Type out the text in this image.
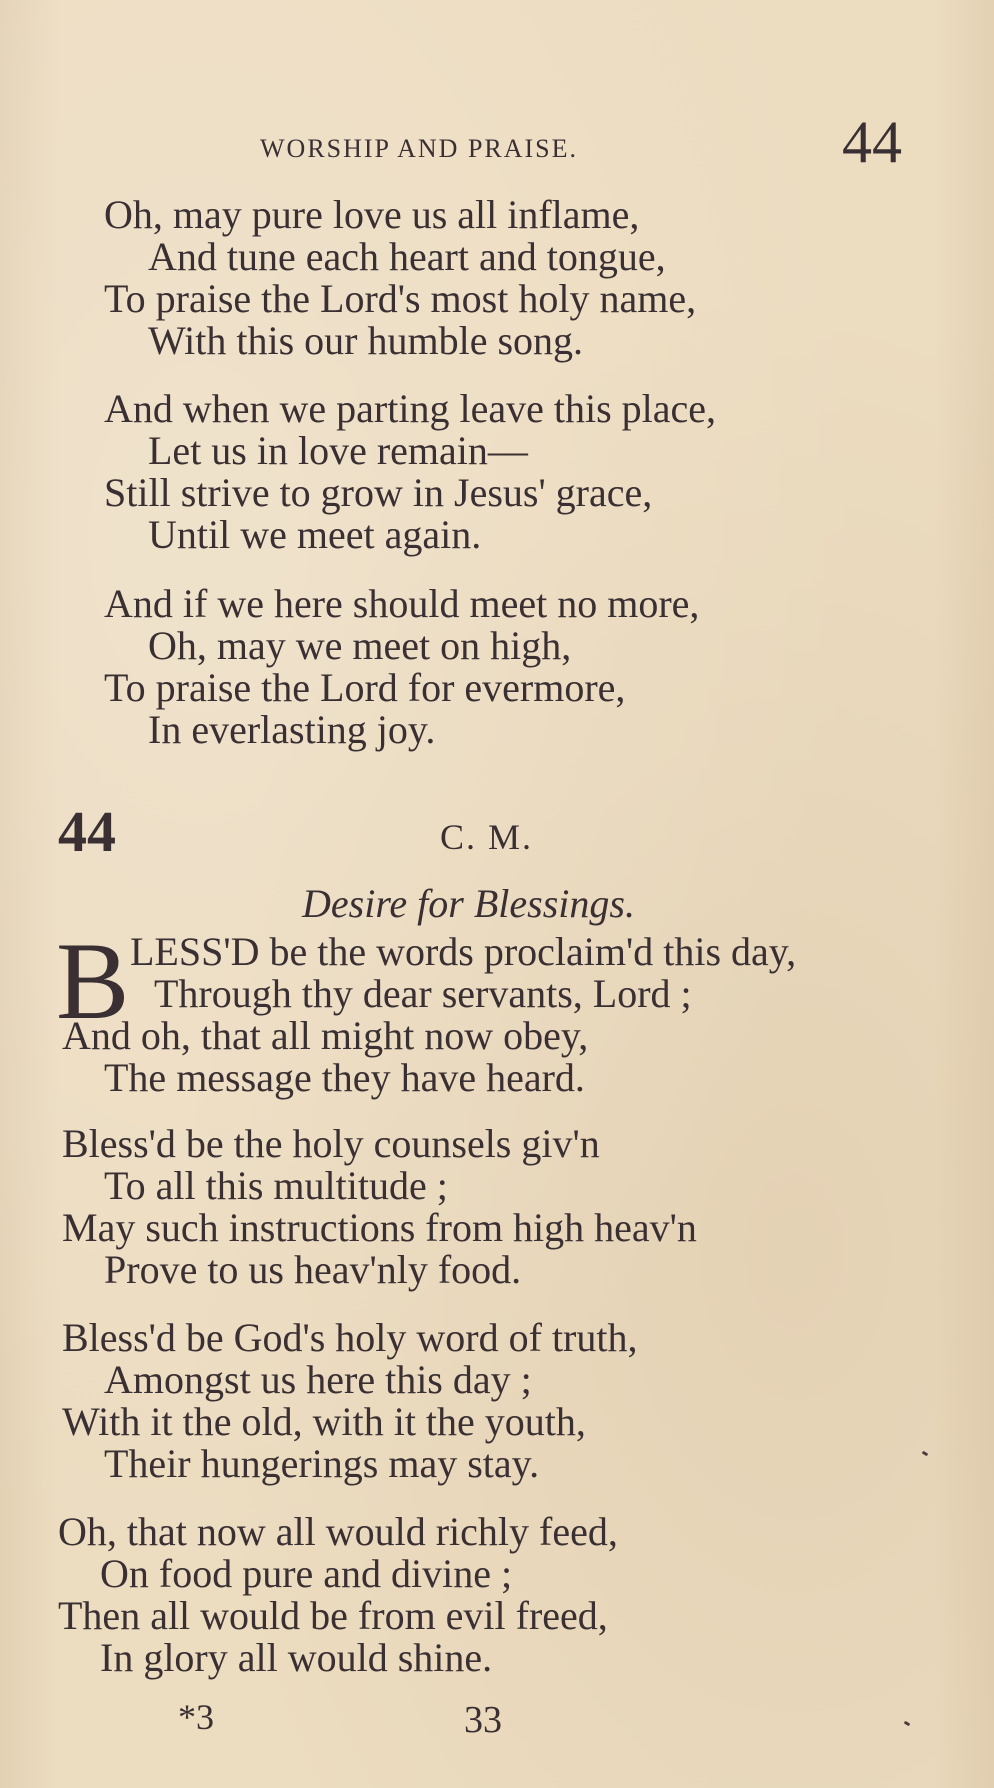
WORSHIP AND PRAISE.	44
Oh, may pure love us all inflame,
And tune each heart and tongue,
To praise the Lord's most holy name,
With this our humble song.
And when we parting leave this place,
Let us in love remain—
Still strive to grow in Jesus' grace,
Until we meet again.
And if we here should meet no more,
Oh, may we meet on high,
To praise the Lord for evermore,
In everlasting joy.
44	C. M.
Desire for Blessings.
B LESS'D be the words proclaim'd this day,
Through thy dear servants, Lord ;
And oh, that all might now obey,
The message they have heard.
Bless'd be the holy counsels giv'n
To all this multitude ;
May such instructions from high heav'n
Prove to us heav'nly food.
Bless'd be God's holy word of truth,
Amongst us here this day ;
With it the old, with it the youth,
Their hungerings may stay.
Oh, that now all would richly feed,
On food pure and divine ;
Then all would be from evil freed,
In glory all would shine.
*3	33
